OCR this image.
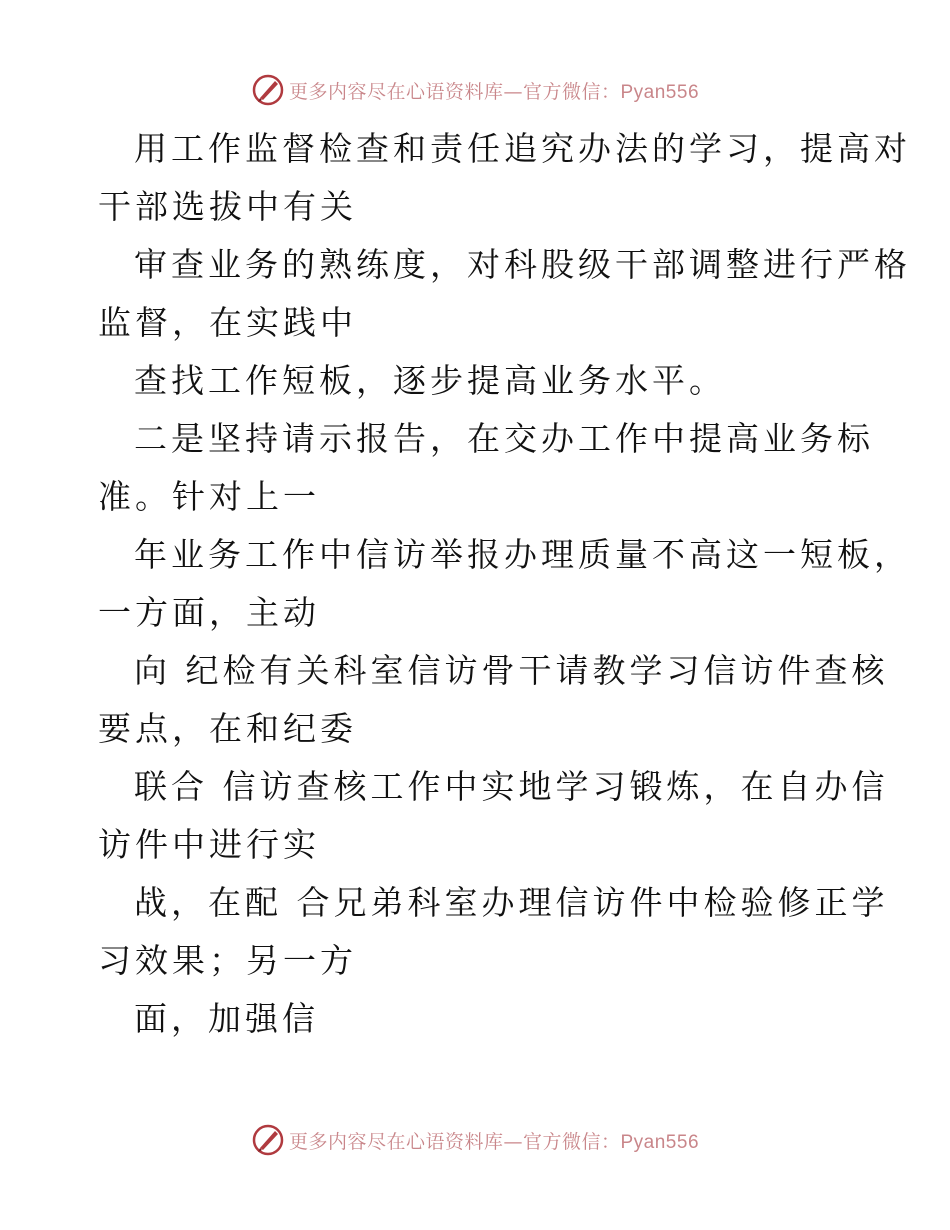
更多内容尽在心语资料库—官方微信：Pyan556
用工作监督检查和责任追究办法的学习，提高对
干部选拔中有关
审查业务的熟练度，对科股级干部调整进行严格
监督，在实践中
查找工作短板，逐步提高业务水平。
二是坚持请示报告，在交办工作中提高业务标
准。针对上一
年业务工作中信访举报办理质量不高这一短板，
一方面，主动
向 纪检有关科室信访骨干请教学习信访件查核
要点，在和纪委
联合 信访查核工作中实地学习锻炼，在自办信
访件中进行实
战，在配 合兄弟科室办理信访件中检验修正学
习效果；另一方
面，加强信
更多内容尽在心语资料库—官方微信：Pyan556
